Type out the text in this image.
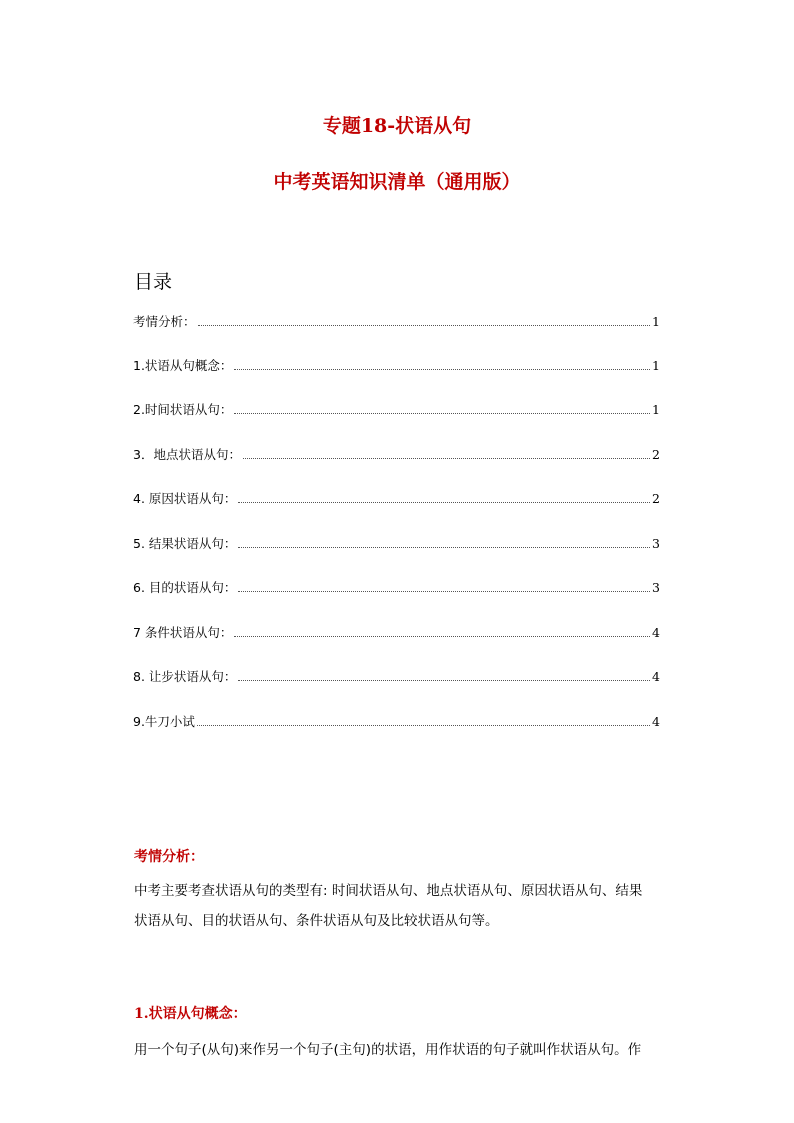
专题18-状语从句
中考英语知识清单（通用版）
目录
考情分析：	1
1.状语从句概念：	1
2.时间状语从句：	1
3．地点状语从句：	2
4. 原因状语从句：	2
5. 结果状语从句：	3
6. 目的状语从句：	3
7 条件状语从句：	4
8. 让步状语从句：	4
9.牛刀小试	4
考情分析：
中考主要考查状语从句的类型有: 时间状语从句、地点状语从句、原因状语从句、结果
状语从句、目的状语从句、条件状语从句及比较状语从句等。
1.状语从句概念：
用一个句子(从句)来作另一个句子(主句)的状语，用作状语的句子就叫作状语从句。作
